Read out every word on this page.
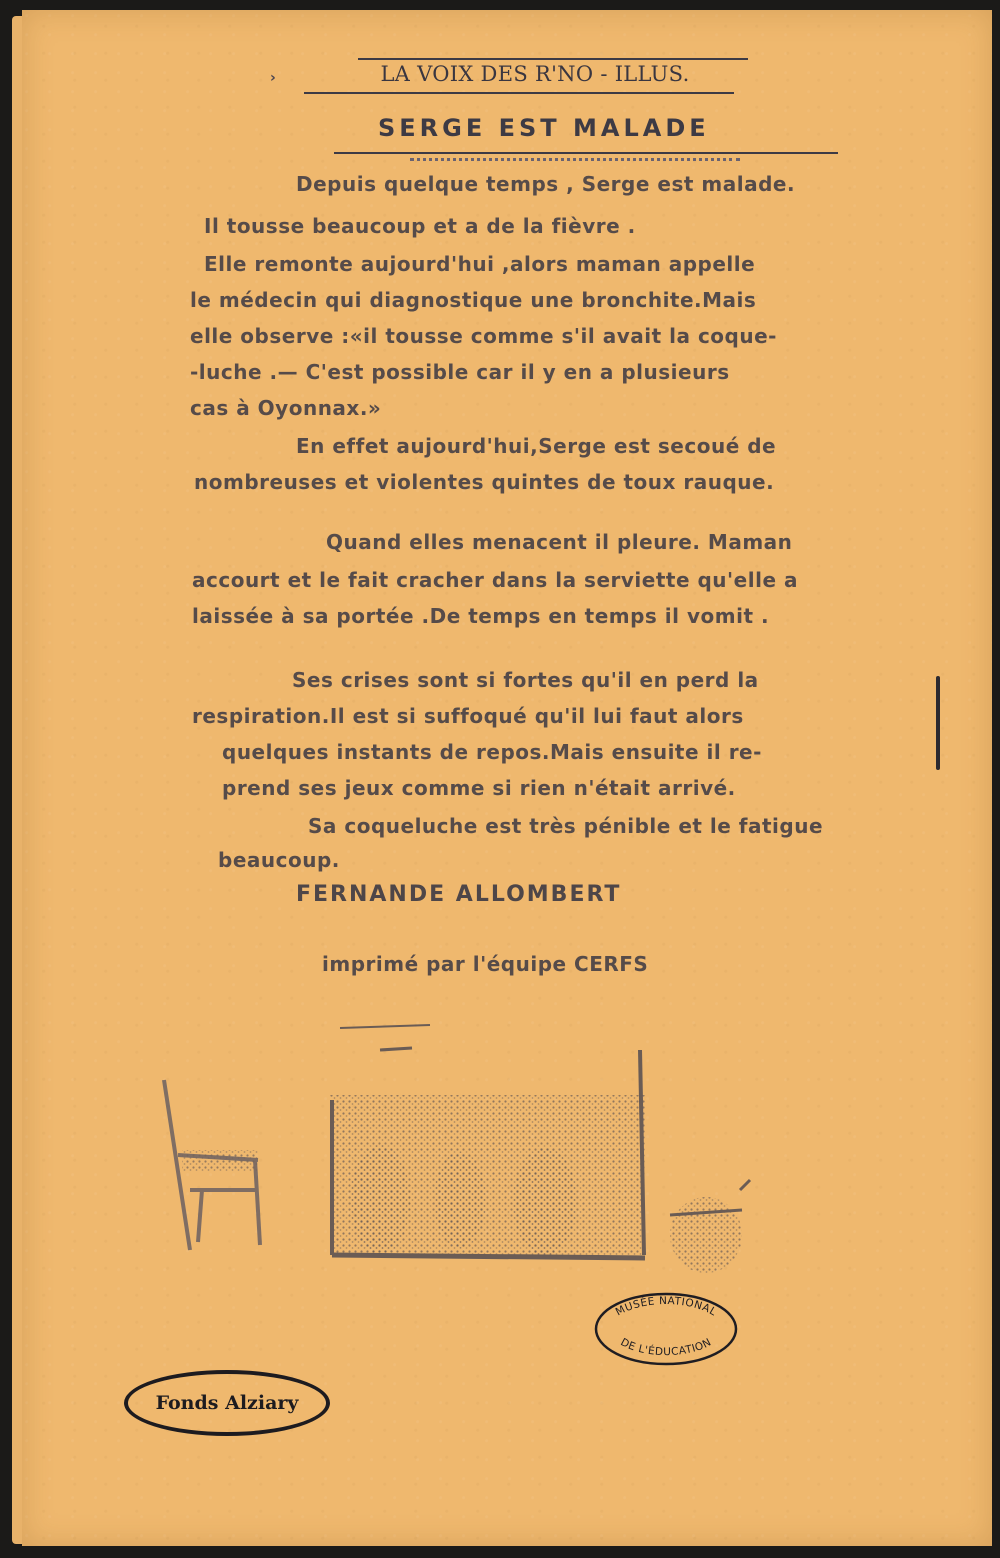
›	LA VOIX DES R'NO - ILLUS.
SERGE EST MALADE
Depuis quelque temps , Serge est malade.
Il tousse beaucoup et a de la fièvre .
Elle remonte aujourd'hui ,alors maman appelle
le médecin qui diagnostique une bronchite.Mais
elle observe :«il tousse comme s'il avait la coque-
-luche .— C'est possible car il y en a plusieurs
cas à Oyonnax.»
En effet aujourd'hui,Serge est secoué de
nombreuses et violentes quintes de toux rauque.
Quand elles menacent il pleure. Maman
accourt et le fait cracher dans la serviette qu'elle a
laissée à sa portée .De temps en temps il vomit .
Ses crises sont si fortes qu'il en perd la
respiration.Il est si suffoqué qu'il lui faut alors
quelques instants de repos.Mais ensuite il re-
prend ses jeux comme si rien n'était arrivé.
Sa coqueluche est très pénible et le fatigue
beaucoup.
FERNANDE ALLOMBERT
imprimé par l'équipe CERFS
MUSÉE NATIONAL
DE L'ÉDUCATION
Fonds Alziary
